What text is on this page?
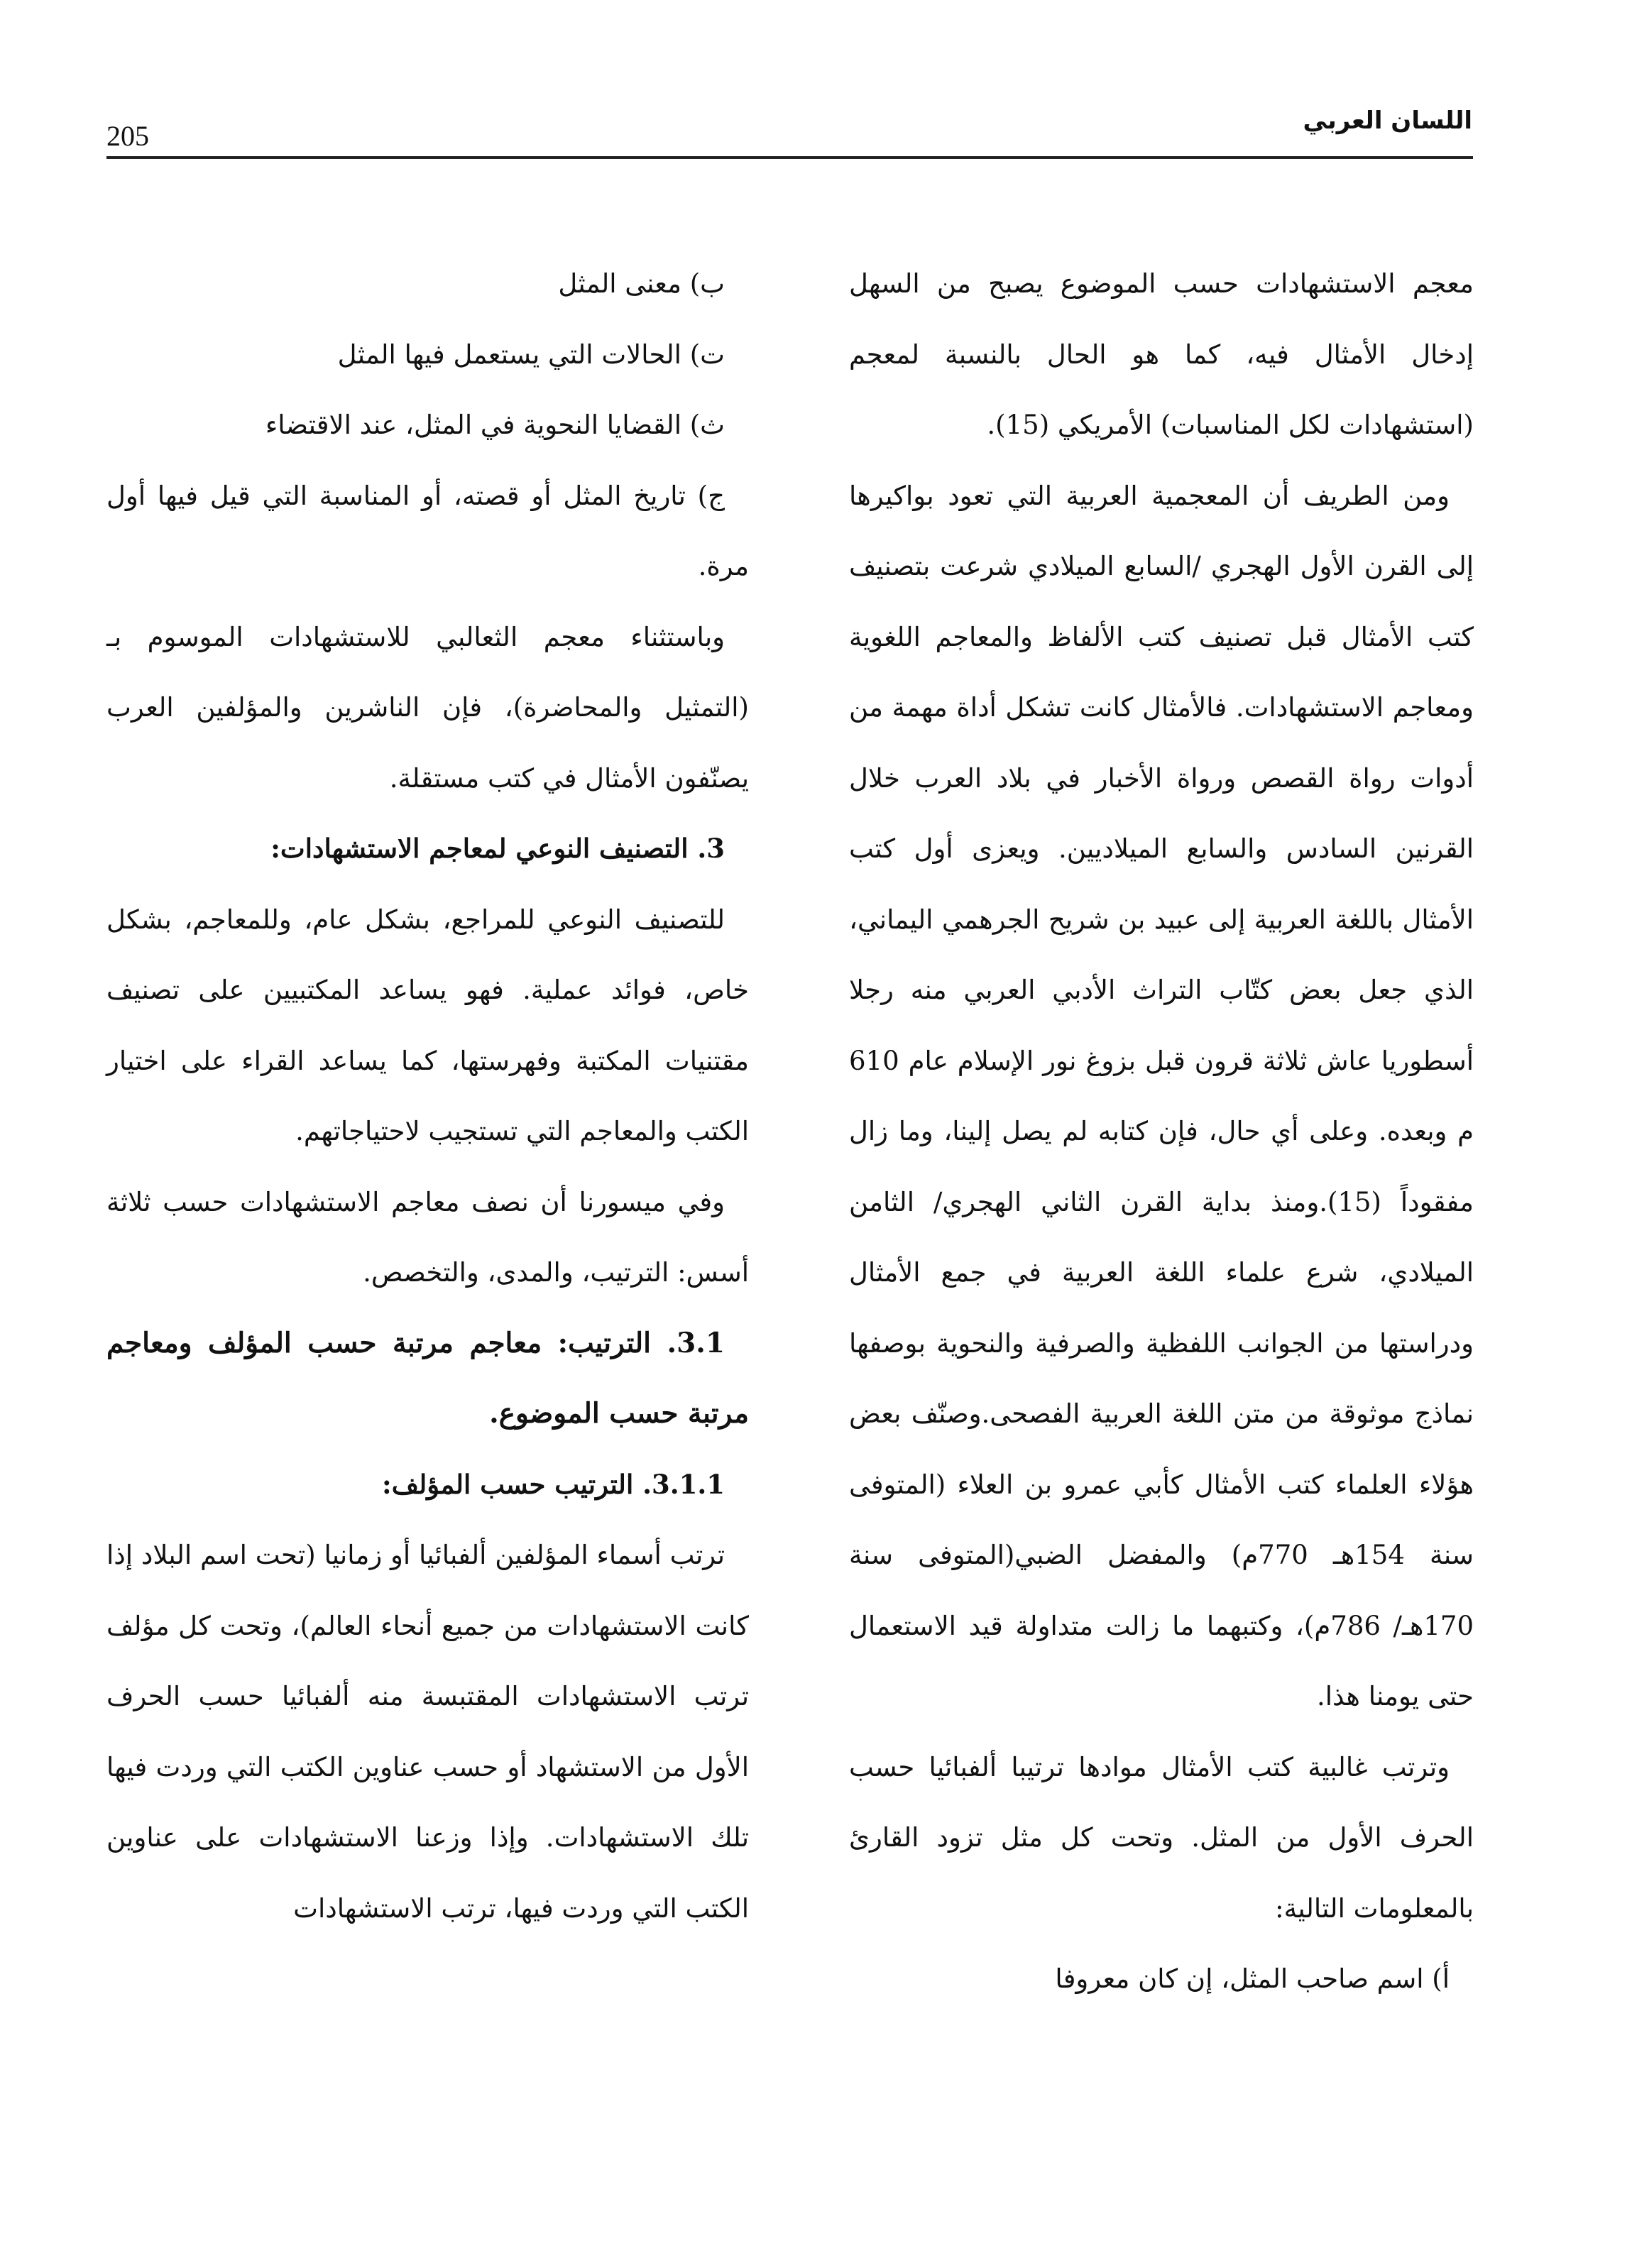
205	اللسان العربي

معجم الاستشهادات حسب الموضوع يصبح من السهل إدخال الأمثال فيه، كما هو الحال بالنسبة لمعجم (استشهادات لكل المناسبات) الأمريكي (15).

ومن الطريف أن المعجمية العربية التي تعود بواكيرها إلى القرن الأول الهجري /السابع الميلادي شرعت بتصنيف كتب الأمثال قبل تصنيف كتب الألفاظ والمعاجم اللغوية ومعاجم الاستشهادات. فالأمثال كانت تشكل أداة مهمة من أدوات رواة القصص ورواة الأخبار في بلاد العرب خلال القرنين السادس والسابع الميلاديين. ويعزى أول كتب الأمثال باللغة العربية إلى عبيد بن شريح الجرهمي اليماني، الذي جعل بعض كتّاب التراث الأدبي العربي منه رجلا أسطوريا عاش ثلاثة قرون قبل بزوغ نور الإسلام عام 610 م وبعده. وعلى أي حال، فإن كتابه لم يصل إلينا، وما زال مفقوداً (15).ومنذ بداية القرن الثاني الهجري/ الثامن الميلادي، شرع علماء اللغة العربية في جمع الأمثال ودراستها من الجوانب اللفظية والصرفية والنحوية بوصفها نماذج موثوقة من متن اللغة العربية الفصحى.وصنّف بعض هؤلاء العلماء كتب الأمثال كأبي عمرو بن العلاء (المتوفى سنة 154هـ 770م) والمفضل الضبي(المتوفى سنة 170هـ/ 786م)، وكتبهما ما زالت متداولة قيد الاستعمال حتى يومنا هذا.

وترتب غالبية كتب الأمثال موادها ترتيبا ألفبائيا حسب الحرف الأول من المثل. وتحت كل مثل تزود القارئ بالمعلومات التالية:

أ) اسم صاحب المثل، إن كان معروفا

ب) معنى المثل

ت) الحالات التي يستعمل فيها المثل

ث) القضايا النحوية في المثل، عند الاقتضاء

ج) تاريخ المثل أو قصته، أو المناسبة التي قيل فيها أول مرة.

وباستثناء معجم الثعالبي للاستشهادات الموسوم بـ (التمثيل والمحاضرة)، فإن الناشرين والمؤلفين العرب يصنّفون الأمثال في كتب مستقلة.

3. التصنيف النوعي لمعاجم الاستشهادات:

للتصنيف النوعي للمراجع، بشكل عام، وللمعاجم، بشكل خاص، فوائد عملية. فهو يساعد المكتبيين على تصنيف مقتنيات المكتبة وفهرستها، كما يساعد القراء على اختيار الكتب والمعاجم التي تستجيب لاحتياجاتهم.

وفي ميسورنا أن نصف معاجم الاستشهادات حسب ثلاثة أسس: الترتيب، والمدى، والتخصص.

3.1. الترتيب: معاجم مرتبة حسب المؤلف ومعاجم مرتبة حسب الموضوع.

3.1.1. الترتيب حسب المؤلف:

ترتب أسماء المؤلفين ألفبائيا أو زمانيا (تحت اسم البلاد إذا كانت الاستشهادات من جميع أنحاء العالم)، وتحت كل مؤلف ترتب الاستشهادات المقتبسة منه ألفبائيا حسب الحرف الأول من الاستشهاد أو حسب عناوين الكتب التي وردت فيها تلك الاستشهادات. وإذا وزعنا الاستشهادات على عناوين الكتب التي وردت فيها، ترتب الاستشهادات
